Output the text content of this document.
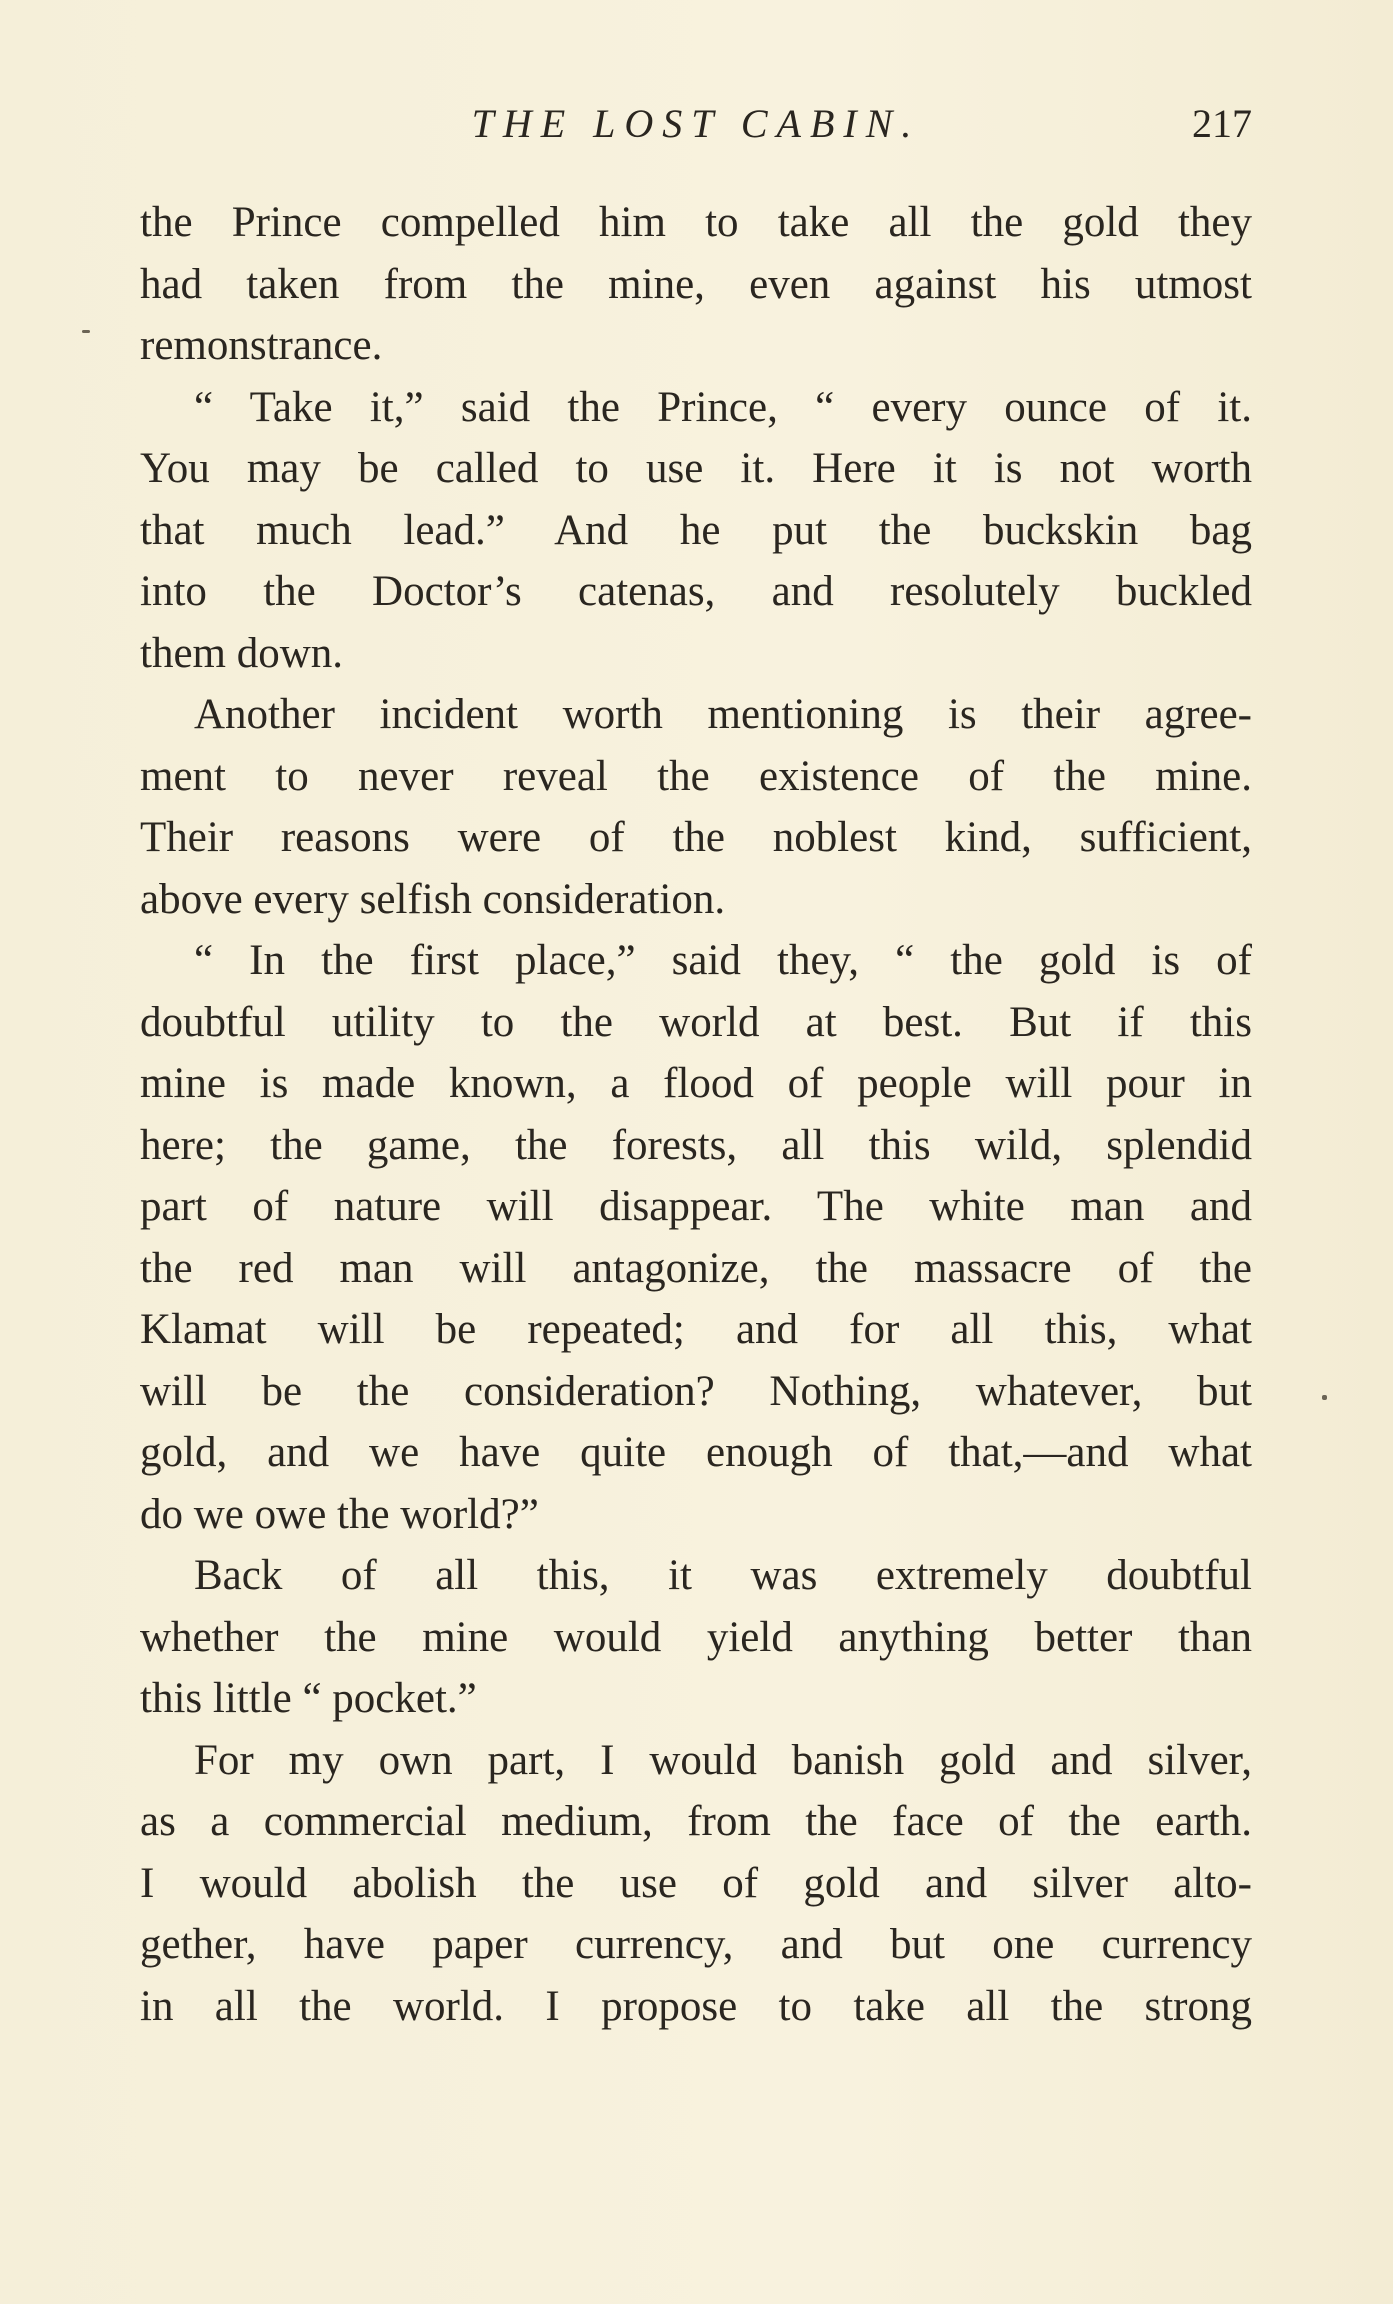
THE LOST CABIN.	217
the Prince compelled him to take all the gold they
had taken from the mine, even against his utmost
remonstrance.
“ Take it,” said the Prince, “ every ounce of it.
You may be called to use it. Here it is not worth
that much lead.” And he put the buckskin bag
into the Doctor’s catenas, and resolutely buckled
them down.
Another incident worth mentioning is their agree-
ment to never reveal the existence of the mine.
Their reasons were of the noblest kind, sufficient,
above every selfish consideration.
“ In the first place,” said they, “ the gold is of
doubtful utility to the world at best. But if this
mine is made known, a flood of people will pour in
here; the game, the forests, all this wild, splendid
part of nature will disappear. The white man and
the red man will antagonize, the massacre of the
Klamat will be repeated; and for all this, what
will be the consideration? Nothing, whatever, but
gold, and we have quite enough of that,—and what
do we owe the world?”
Back of all this, it was extremely doubtful
whether the mine would yield anything better than
this little “ pocket.”
For my own part, I would banish gold and silver,
as a commercial medium, from the face of the earth.
I would abolish the use of gold and silver alto-
gether, have paper currency, and but one currency
in all the world. I propose to take all the strong
